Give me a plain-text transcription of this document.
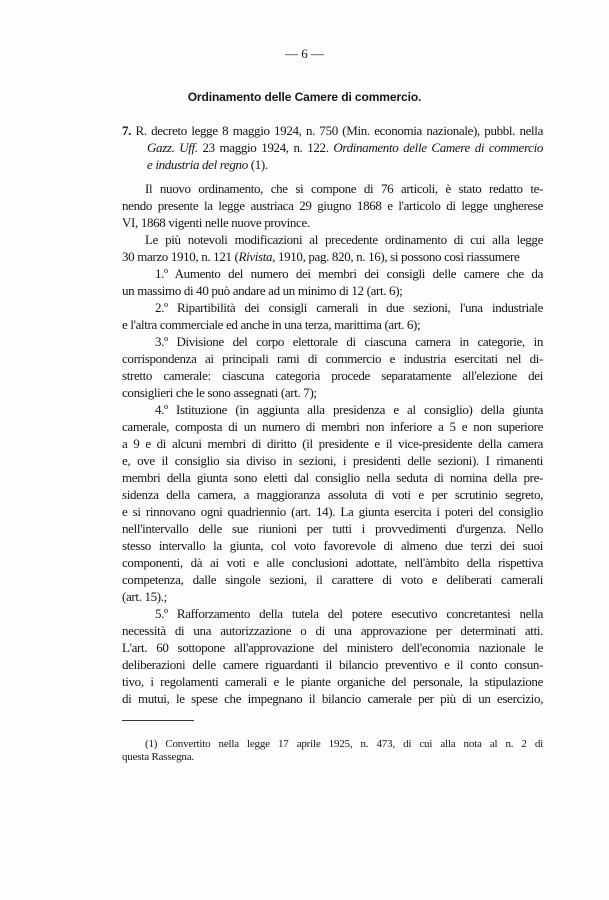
— 6 —
Ordinamento delle Camere di commercio.
7. R. decreto legge 8 maggio 1924, n. 750 (Min. economia nazionale), pubbl. nella
Gazz. Uff. 23 maggio 1924, n. 122. Ordinamento delle Camere di commercio
e industria del regno (1).
Il nuovo ordinamento, che si compone di 76 articoli, è stato redatto te-
nendo presente la legge austriaca 29 giugno 1868 e l'articolo di legge ungherese
VI, 1868 vigenti nelle nuove province.
Le più notevoli modificazioni al precedente ordinamento di cui alla legge
30 marzo 1910, n. 121 (Rivista, 1910, pag. 820, n. 16), si possono così riassumere
1.º Aumento del numero dei membri dei consigli delle camere che da
un massimo di 40 può andare ad un minimo di 12 (art. 6);
2.º Ripartibilità dei consigli camerali in due sezioni, l'una industriale
e l'altra commerciale ed anche in una terza, marittima (art. 6);
3.º Divisione del corpo elettorale di ciascuna camera in categorie, in
corrispondenza ai principali rami di commercio e industria esercitati nel di-
stretto camerale: ciascuna categoria procede separatamente all'elezione dei
consiglieri che le sono assegnati (art. 7);
4.º Istituzione (in aggiunta alla presidenza e al consiglio) della giunta
camerale, composta di un numero di membri non inferiore a 5 e non superiore
a 9 e di alcuni membri di diritto (il presidente e il vice-presidente della camera
e, ove il consiglio sia diviso in sezioni, i presidenti delle sezioni). I rimanenti
membri della giunta sono eletti dal consiglio nella seduta di nomina della pre-
sidenza della camera, a maggioranza assoluta di voti e per scrutinio segreto,
e si rinnovano ogni quadriennio (art. 14). La giunta esercita i poteri del consiglio
nell'intervallo delle sue riunioni per tutti i provvedimenti d'urgenza. Nello
stesso intervallo la giunta, col voto favorevole di almeno due terzi dei suoi
componenti, dà ai voti e alle conclusioni adottate, nell'àmbito della rispettiva
competenza, dalle singole sezioni, il carattere di voto e deliberati camerali
(art. 15).;
5.º Rafforzamento della tutela del potere esecutivo concretantesi nella
necessità di una autorizzazione o di una approvazione per determinati atti.
L'art. 60 sottopone all'approvazione del ministero dell'economia nazionale le
deliberazioni delle camere riguardanti il bilancio preventivo e il conto consun-
tivo, i regolamenti camerali e le piante organiche del personale, la stipulazione
di mutui, le spese che impegnano il bilancio camerale per più di un esercizio,
(1) Convertito nella legge 17 aprile 1925, n. 473, di cui alla nota al n. 2 di
questa Rassegna.
